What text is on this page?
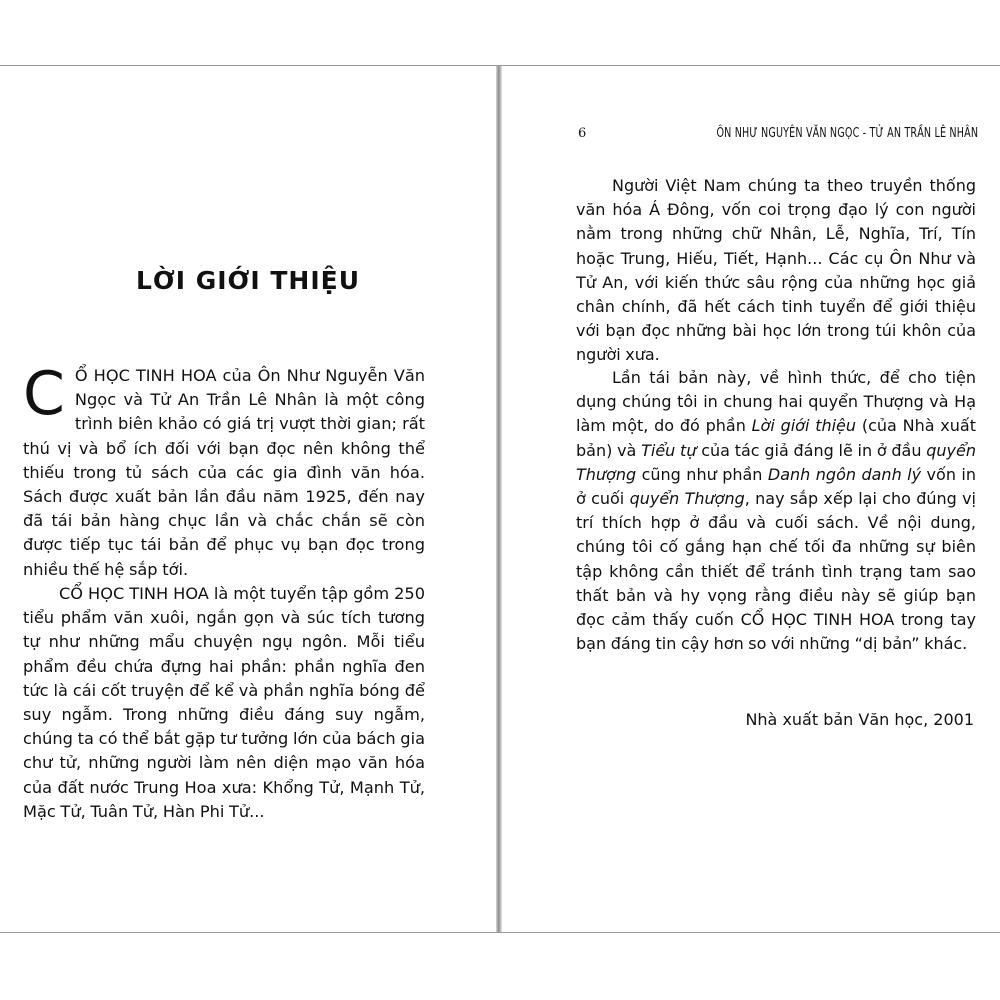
LỜI GIỚI THIỆU

C Ổ HỌC TINH HOA của Ôn Như Nguyễn Văn Ngọc và Tử An Trần Lê Nhân là một công trình biên khảo có giá trị vượt thời gian; rất thú vị và bổ ích đối với bạn đọc nên không thể thiếu trong tủ sách của các gia đình văn hóa. Sách được xuất bản lần đầu năm 1925, đến nay đã tái bản hàng chục lần và chắc chắn sẽ còn được tiếp tục tái bản để phục vụ bạn đọc trong nhiều thế hệ sắp tới.

CỔ HỌC TINH HOA là một tuyển tập gồm 250 tiểu phẩm văn xuôi, ngắn gọn và súc tích tương tự như những mẩu chuyện ngụ ngôn. Mỗi tiểu phẩm đều chứa đựng hai phần: phần nghĩa đen tức là cái cốt truyện để kể và phần nghĩa bóng để suy ngẫm. Trong những điều đáng suy ngẫm, chúng ta có thể bắt gặp tư tưởng lớn của bách gia chư tử, những người làm nên diện mạo văn hóa của đất nước Trung Hoa xưa: Khổng Tử, Mạnh Tử, Mặc Tử, Tuân Tử, Hàn Phi Tử...

6	ÔN NHƯ NGUYỄN VĂN NGỌC - TỬ AN TRẦN LÊ NHÂN

Người Việt Nam chúng ta theo truyền thống văn hóa Á Đông, vốn coi trọng đạo lý con người nằm trong những chữ Nhân, Lễ, Nghĩa, Trí, Tín hoặc Trung, Hiếu, Tiết, Hạnh... Các cụ Ôn Như và Tử An, với kiến thức sâu rộng của những học giả chân chính, đã hết cách tinh tuyển để giới thiệu với bạn đọc những bài học lớn trong túi khôn của người xưa.

Lần tái bản này, về hình thức, để cho tiện dụng chúng tôi in chung hai quyển Thượng và Hạ làm một, do đó phần Lời giới thiệu (của Nhà xuất bản) và Tiểu tự của tác giả đáng lẽ in ở đầu quyển Thượng cũng như phần Danh ngôn danh lý vốn in ở cuối quyển Thượng, nay sắp xếp lại cho đúng vị trí thích hợp ở đầu và cuối sách. Về nội dung, chúng tôi cố gắng hạn chế tối đa những sự biên tập không cần thiết để tránh tình trạng tam sao thất bản và hy vọng rằng điều này sẽ giúp bạn đọc cảm thấy cuốn CỔ HỌC TINH HOA trong tay bạn đáng tin cậy hơn so với những “dị bản” khác.

Nhà xuất bản Văn học, 2001
